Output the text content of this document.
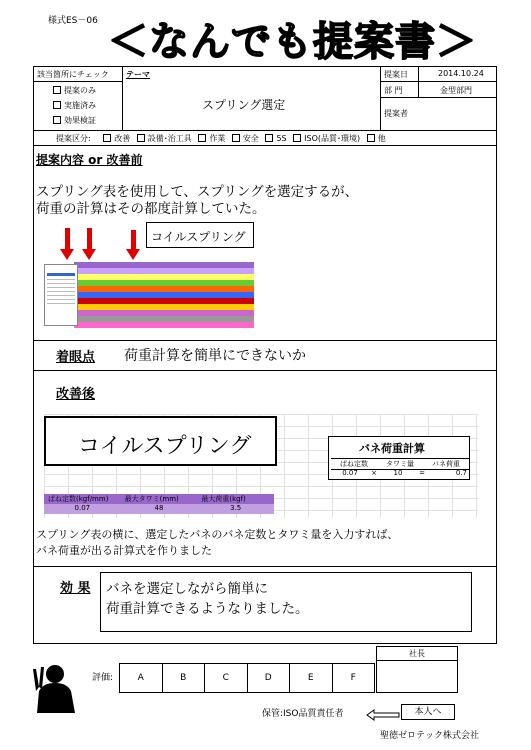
様式ES－06 ＜なんでも提案書＞
該当箇所にチェック
提案のみ
実施済み
効果検証
テーマ
スプリング選定
提案日	2014.10.24
部 門	金型部門
提案者
提案区分:	改善 設備･治工具 作業 安全 5S ISO(品質･環境) 他
提案内容 or 改善前
スプリング表を使用して、スプリングを選定するが、
荷重の計算はその都度計算していた。
コイルスプリング
着眼点 荷重計算を簡単にできないか
改善後
コイルスプリング	バネ荷重計算
ばね定数	タワミ量	バネ荷重
0.07	×	10	=	0.7
ばね定数(kgf/mm)	最大タワミ(mm)	最大荷重(kgf)
0.07	48	3.5
スプリング表の横に、選定したバネのバネ定数とタワミ量を入力すれば、
バネ荷重が出る計算式を作りました
効 果 バネを選定しながら簡単に
荷重計算できるようなりました。
評価:	A	B	C	D	E	F
社長
保管:ISO品質責任者	本人へ
聖徳ゼロテック株式会社
